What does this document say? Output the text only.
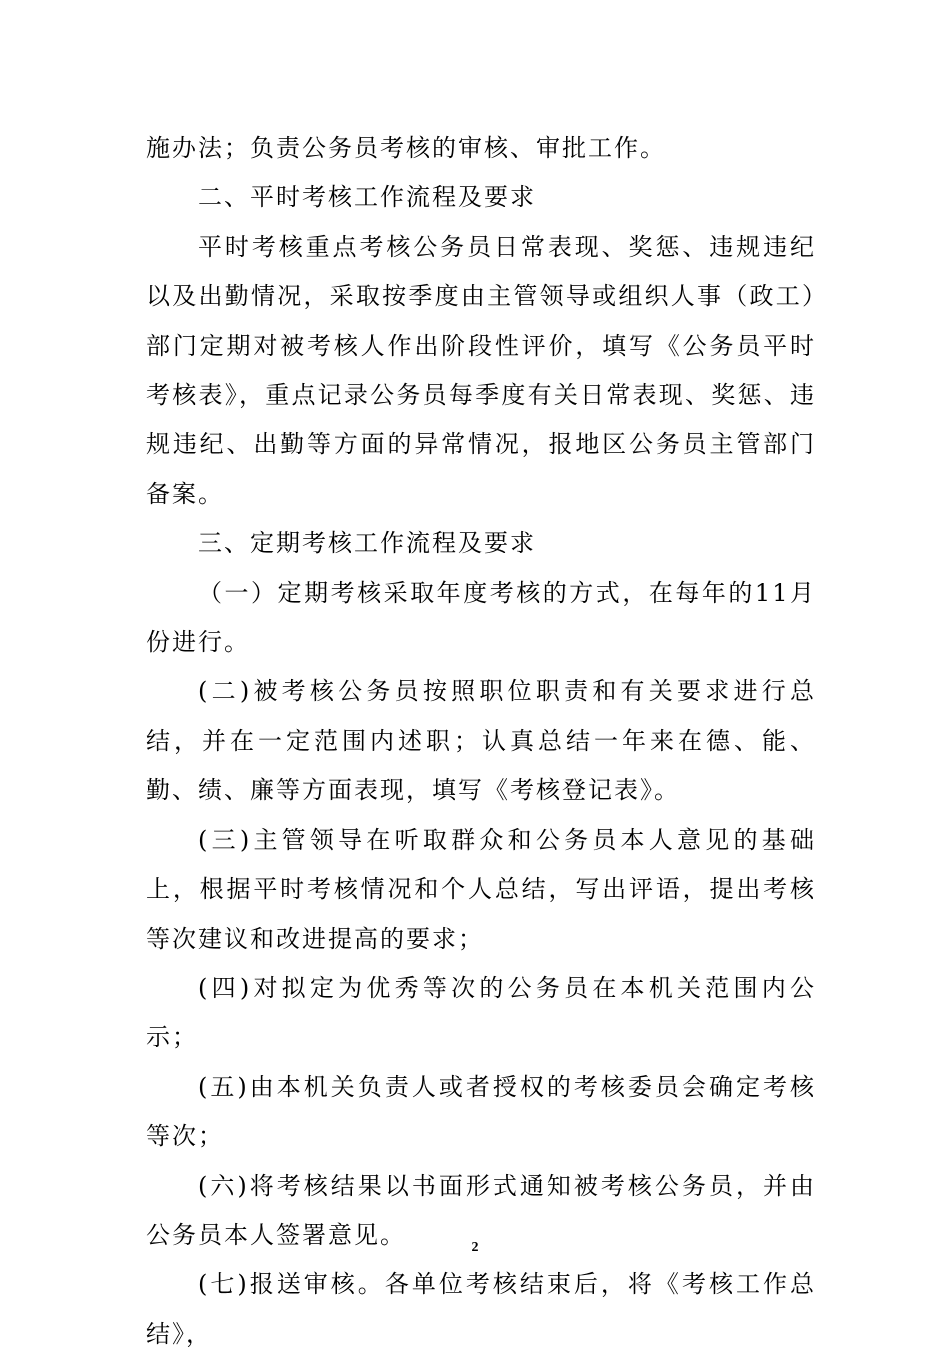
施办法；负责公务员考核的审核、审批工作。

二、平时考核工作流程及要求

平时考核重点考核公务员日常表现、奖惩、违规违纪以及出勤情况，采取按季度由主管领导或组织人事（政工）部门定期对被考核人作出阶段性评价，填写《公务员平时考核表》，重点记录公务员每季度有关日常表现、奖惩、违规违纪、出勤等方面的异常情况，报地区公务员主管部门备案。

三、定期考核工作流程及要求

（一）定期考核采取年度考核的方式，在每年的11月份进行。

(二)被考核公务员按照职位职责和有关要求进行总结，并在一定范围内述职；认真总结一年来在德、能、勤、绩、廉等方面表现，填写《考核登记表》。

(三)主管领导在听取群众和公务员本人意见的基础上，根据平时考核情况和个人总结，写出评语，提出考核等次建议和改进提高的要求；

(四)对拟定为优秀等次的公务员在本机关范围内公示；

(五)由本机关负责人或者授权的考核委员会确定考核等次；

(六)将考核结果以书面形式通知被考核公务员，并由公务员本人签署意见。

(七)报送审核。各单位考核结束后，将《考核工作总结》，

2
